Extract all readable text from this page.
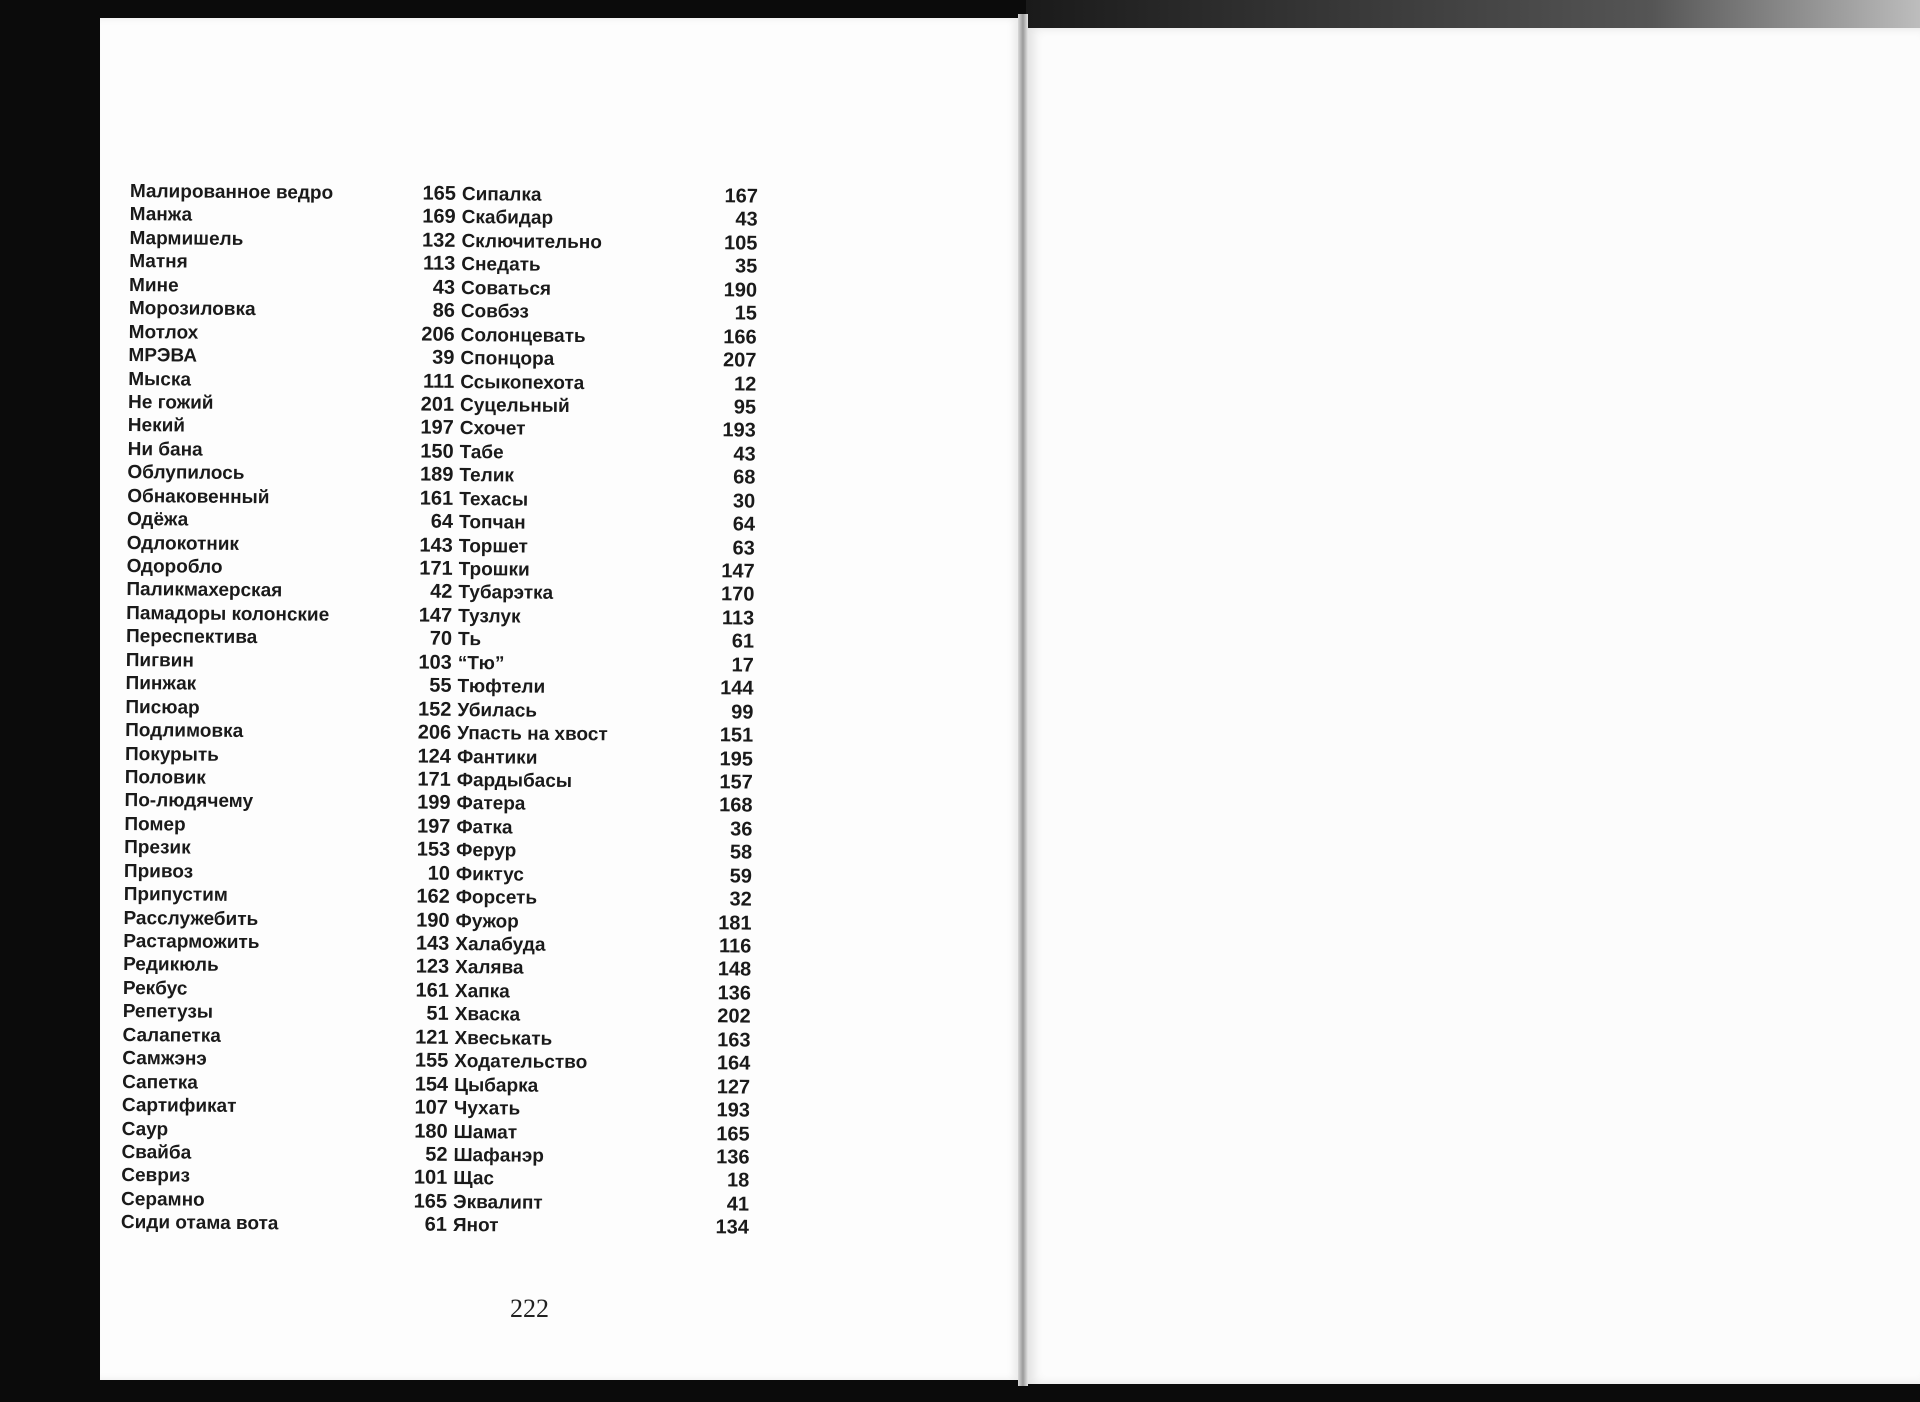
Малированное ведро	165
Манжа	169
Мармишель	132
Матня	113
Мине	43
Морозиловка	86
Мотлох	206
МРЭВА	39
Мыска	111
Не гожий	201
Некий	197
Ни бана	150
Облупилось	189
Обнаковенный	161
Одёжа	64
Одлокотник	143
Одоробло	171
Паликмахерская	42
Памадоры колонские	147
Переспектива	70
Пигвин	103
Пинжак	55
Писюар	152
Подлимовка	206
Покурыть	124
Половик	171
По-людячему	199
Помер	197
Презик	153
Привоз	10
Припустим	162
Расслужебить	190
Растарможить	143
Редикюль	123
Рекбус	161
Репетузы	51
Салапетка	121
Самжэнэ	155
Сапетка	154
Сартификат	107
Саур	180
Свайба	52
Севриз	101
Серамно	165
Сиди отама вота	61
Сипалка	167
Скабидар	43
Сключительно	105
Снедать	35
Соваться	190
Совбэз	15
Солонцевать	166
Спонцора	207
Ссыкопехота	12
Суцельный	95
Схочет	193
Табе	43
Телик	68
Техасы	30
Топчан	64
Торшет	63
Трошки	147
Тубарэтка	170
Тузлук	113
Ть	61
“Тю”	17
Тюфтели	144
Убилась	99
Упасть на хвост	151
Фантики	195
Фардыбасы	157
Фатера	168
Фатка	36
Ферур	58
Фиктус	59
Форсеть	32
Фужор	181
Халабуда	116
Халява	148
Хапка	136
Хваска	202
Хвеськать	163
Ходательство	164
Цыбарка	127
Чухать	193
Шамат	165
Шафанэр	136
Щас	18
Эквалипт	41
Янот	134
222
